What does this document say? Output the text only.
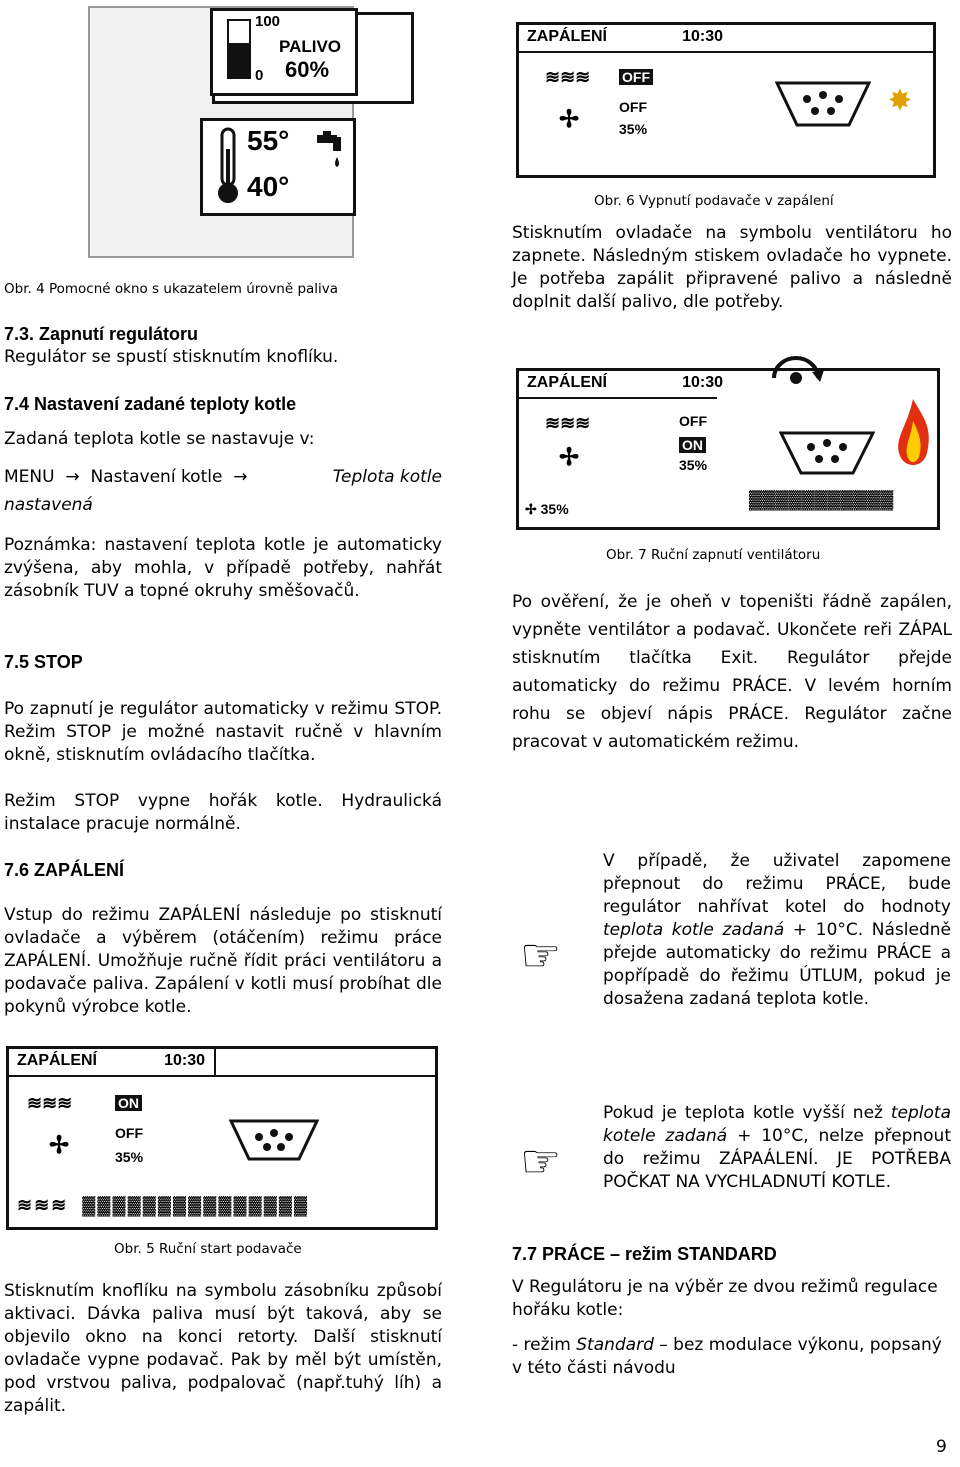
100
0
PALIVO
60%
55°
40°

Obr. 4 Pomocné okno s ukazatelem úrovně paliva

7.3. Zapnutí regulátoru

Regulátor se spustí stisknutím knoflíku.

7.4 Nastavení zadané teploty kotle

Zadaná teplota kotle se nastavuje v:

MENU  →  Nastavení kotle  →	Teplota kotle

nastavená

Poznámka: nastavení teplota kotle je automaticky zvýšena, aby mohla, v případě potřeby, nahřát zásobník TUV a topné okruhy směšovačů.

7.5 STOP

Po zapnutí je regulátor automaticky v režimu STOP. Režim STOP je možné nastavit ručně v hlavním okně, stisknutím ovládacího tlačítka.

Režim STOP vypne hořák kotle. Hydraulická instalace pracuje normálně.

7.6 ZAPÁLENÍ

Vstup do režimu ZAPÁLENÍ následuje po stisknutí ovladače a výběrem (otáčením) režimu práce ZAPÁLENÍ. Umožňuje ručně řídit práci ventilátoru a podavače paliva. Zapálení v kotli musí probíhat dle pokynů výrobce kotle.

ZAPÁLENÍ	10:30
≋≋≋	ON
OFF
✢	35%
≋≋≋  ▓▓▓▓▓▓▓▓▓▓▓▓▓▓▓

Obr. 5 Ruční start podavače

Stisknutím knoflíku na symbolu zásobníku způsobí aktivaci. Dávka paliva musí být taková, aby se objevilo okno na konci retorty. Další stisknutí ovladače vypne podavač. Pak by měl být umístěn, pod vrstvou paliva, podpalovač (např.tuhý líh) a zapálit.

ZAPÁLENÍ	10:30
≋≋≋ OFF
OFF
✢	35%
✸

Obr. 6 Vypnutí podavače v zapálení

Stisknutím ovladače na symbolu ventilátoru ho zapnete. Následným stiskem ovladače ho vypnete. Je potřeba zapálit připravené palivo a následně doplnit další palivo, dle potřeby.

ZAPÁLENÍ	10:30
≋≋≋	OFF
ON
✢	35%
✢ 35%	▓▓▓▓▓▓▓▓▓▓▓

Obr. 7 Ruční zapnutí ventilátoru

Po ověření, že je oheň v topeništi řádně zapálen, vypněte ventilátor a podavač. Ukončete reři ZÁPAL stisknutím tlačítka Exit. Regulátor přejde automaticky do režimu PRÁCE. V levém horním rohu se objeví nápis PRÁCE. Regulátor začne pracovat v automatickém režimu.

☞

V případě, že uživatel zapomene přepnout do režimu PRÁCE, bude regulátor nahřívat kotel do hodnoty teplota kotle zadaná + 10°C. Následně přejde automaticky do režimu PRÁCE a popřípadě do řežimu ÚTLUM, pokud je dosažena zadaná teplota kotle.

☞

Pokud je teplota kotle vyšší než teplota kotele zadaná + 10°C, nelze přepnout do režimu ZÁPAÁLENÍ. JE POTŘEBA POČKAT NA VYCHLADNUTÍ KOTLE.

7.7 PRÁCE – režim STANDARD

V Regulátoru je na výběr ze dvou režimů regulace hořáku kotle:

- režim Standard – bez modulace výkonu, popsaný v této části návodu

9
